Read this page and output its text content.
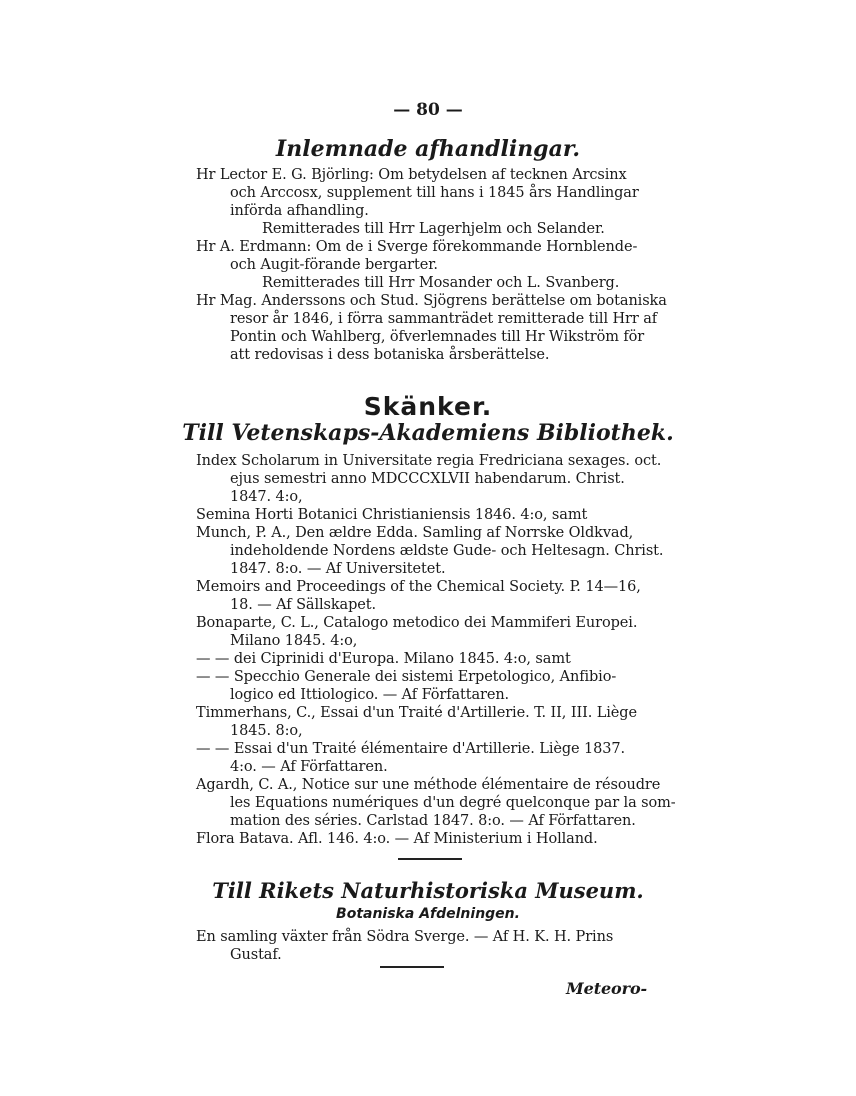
— 80 —
Inlemnade afhandlingar.
Hr Lector E. G. Björling: Om betydelsen af tecknen Arcsinx
och Arccosx, supplement till hans i 1845 års Handlingar
införda afhandling.
Remitterades till Hrr Lagerhjelm och Selander.
Hr A. Erdmann: Om de i Sverge förekommande Hornblende-
och Augit-förande bergarter.
Remitterades till Hrr Mosander och L. Svanberg.
Hr Mag. Anderssons och Stud. Sjögrens berättelse om botaniska
resor år 1846, i förra sammanträdet remitterade till Hrr af
Pontin och Wahlberg, öfverlemnades till Hr Wikström för
att redovisas i dess botaniska årsberättelse.
Skänker.
Till Vetenskaps-Akademiens Bibliothek.
Index Scholarum in Universitate regia Fredriciana sexages. oct.
ejus semestri anno MDCCCXLVII habendarum. Christ.
1847. 4:o,
Semina Horti Botanici Christianiensis 1846. 4:o, samt
Munch, P. A., Den ældre Edda. Samling af Norrske Oldkvad,
indeholdende Nordens ældste Gude- och Heltesagn. Christ.
1847. 8:o. — Af Universitetet.
Memoirs and Proceedings of the Chemical Society. P. 14—16,
18. — Af Sällskapet.
Bonaparte, C. L., Catalogo metodico dei Mammiferi Europei.
Milano 1845. 4:o,
— — dei Ciprinidi d'Europa. Milano 1845. 4:o, samt
— — Specchio Generale dei sistemi Erpetologico, Anfibio-
logico ed Ittiologico. — Af Författaren.
Timmerhans, C., Essai d'un Traité d'Artillerie. T. II, III. Liège
1845. 8:o,
— — Essai d'un Traité élémentaire d'Artillerie. Liège 1837.
4:o. — Af Författaren.
Agardh, C. A., Notice sur une méthode élémentaire de résoudre
les Equations numériques d'un degré quelconque par la som-
mation des séries. Carlstad 1847. 8:o. — Af Författaren.
Flora Batava. Afl. 146. 4:o. — Af Ministerium i Holland.
Till Rikets Naturhistoriska Museum.
Botaniska Afdelningen.
En samling växter från Södra Sverge. — Af H. K. H. Prins
Gustaf.
Meteoro-
